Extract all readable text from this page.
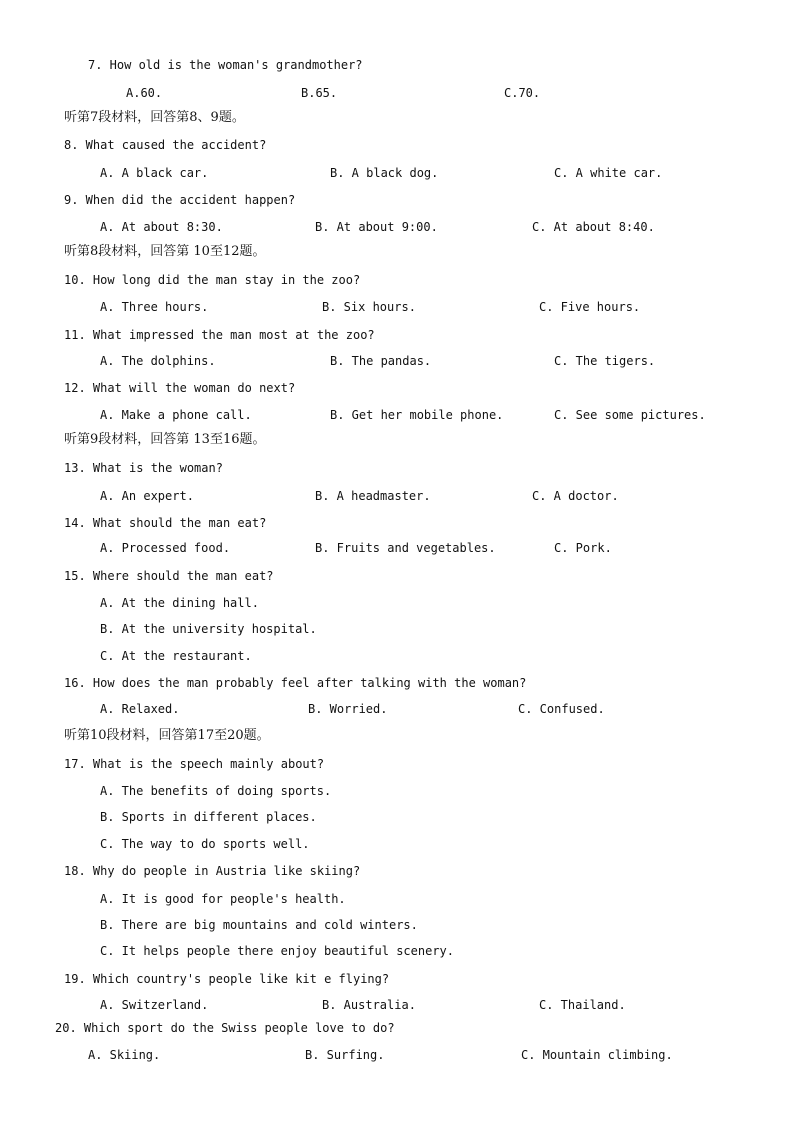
7. How old is the woman's grandmother?
A.60.	B.65.	C.70.
听第7段材料，回答第8、9题。
8. What caused the accident?
A. A black car.	B. A black dog.	C. A white car.
9. When did the accident happen?
A. At about 8:30.	B. At about 9:00.	C. At about 8:40.
听第8段材料，回答第 10至12题。
10. How long did the man stay in the zoo?
A. Three hours.	B. Six hours.	C. Five hours.
11. What impressed the man most at the zoo?
A. The dolphins.	B. The pandas.	C. The tigers.
12. What will the woman do next?
A. Make a phone call.	B. Get her mobile phone.	C. See some pictures.
听第9段材料，回答第 13至16题。
13. What is the woman?
A. An expert.	B. A headmaster.	C. A doctor.
14. What should the man eat?
A. Processed food.	B. Fruits and vegetables.	C. Pork.
15. Where should the man eat?
A. At the dining hall.
B. At the university hospital.
C. At the restaurant.
16. How does the man probably feel after talking with the woman?
A. Relaxed.	B. Worried.	C. Confused.
听第10段材料，回答第17至20题。
17. What is the speech mainly about?
A. The benefits of doing sports.
B. Sports in different places.
C. The way to do sports well.
18. Why do people in Austria like skiing?
A. It is good for people's health.
B. There are big mountains and cold winters.
C. It helps people there enjoy beautiful scenery.
19. Which country's people like kit e flying?
A. Switzerland.	B. Australia.	C. Thailand.
20. Which sport do the Swiss people love to do?
A. Skiing.	B. Surfing.	C. Mountain climbing.
